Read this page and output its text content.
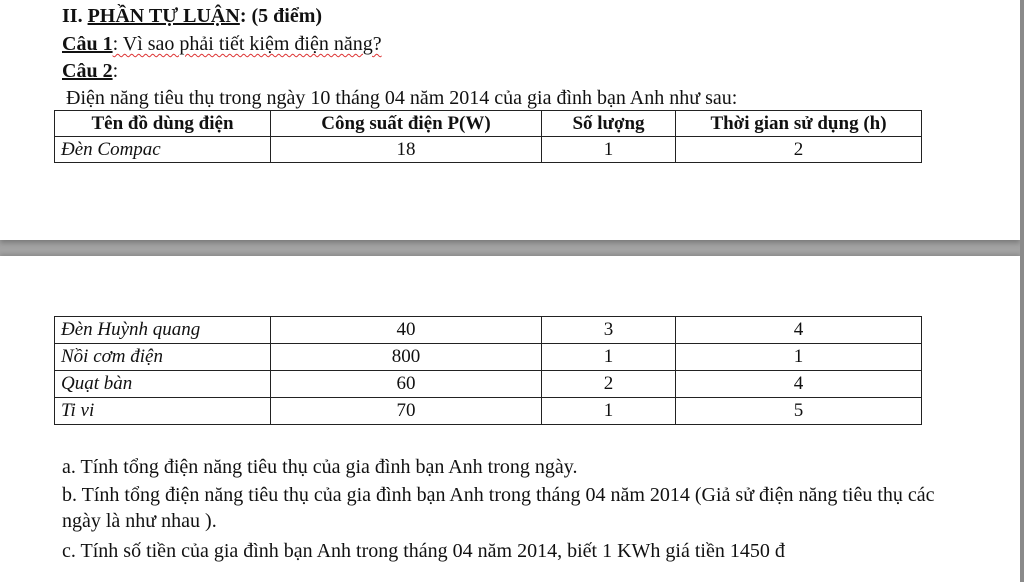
II. PHẦN TỰ LUẬN: (5 điểm)
Câu 1: Vì sao phải tiết kiệm điện năng?
Câu 2:
Điện năng tiêu thụ trong ngày 10 tháng 04 năm 2014 của gia đình bạn Anh như sau:
Tên đồ dùng điện	Công suất điện P(W)	Số lượng	Thời gian sử dụng (h)
Đèn Compac	18	1	2
Đèn Huỳnh quang	40	3	4
Nồi cơm điện	800	1	1
Quạt bàn	60	2	4
Ti vi	70	1	5
a. Tính tổng điện năng tiêu thụ của gia đình bạn Anh trong ngày.
b. Tính tổng điện năng tiêu thụ của gia đình bạn Anh trong tháng 04 năm 2014 (Giả sử điện năng tiêu thụ các ngày là như nhau ).
c. Tính số tiền của gia đình bạn Anh trong tháng 04 năm 2014, biết 1 KWh giá tiền 1450 đ
